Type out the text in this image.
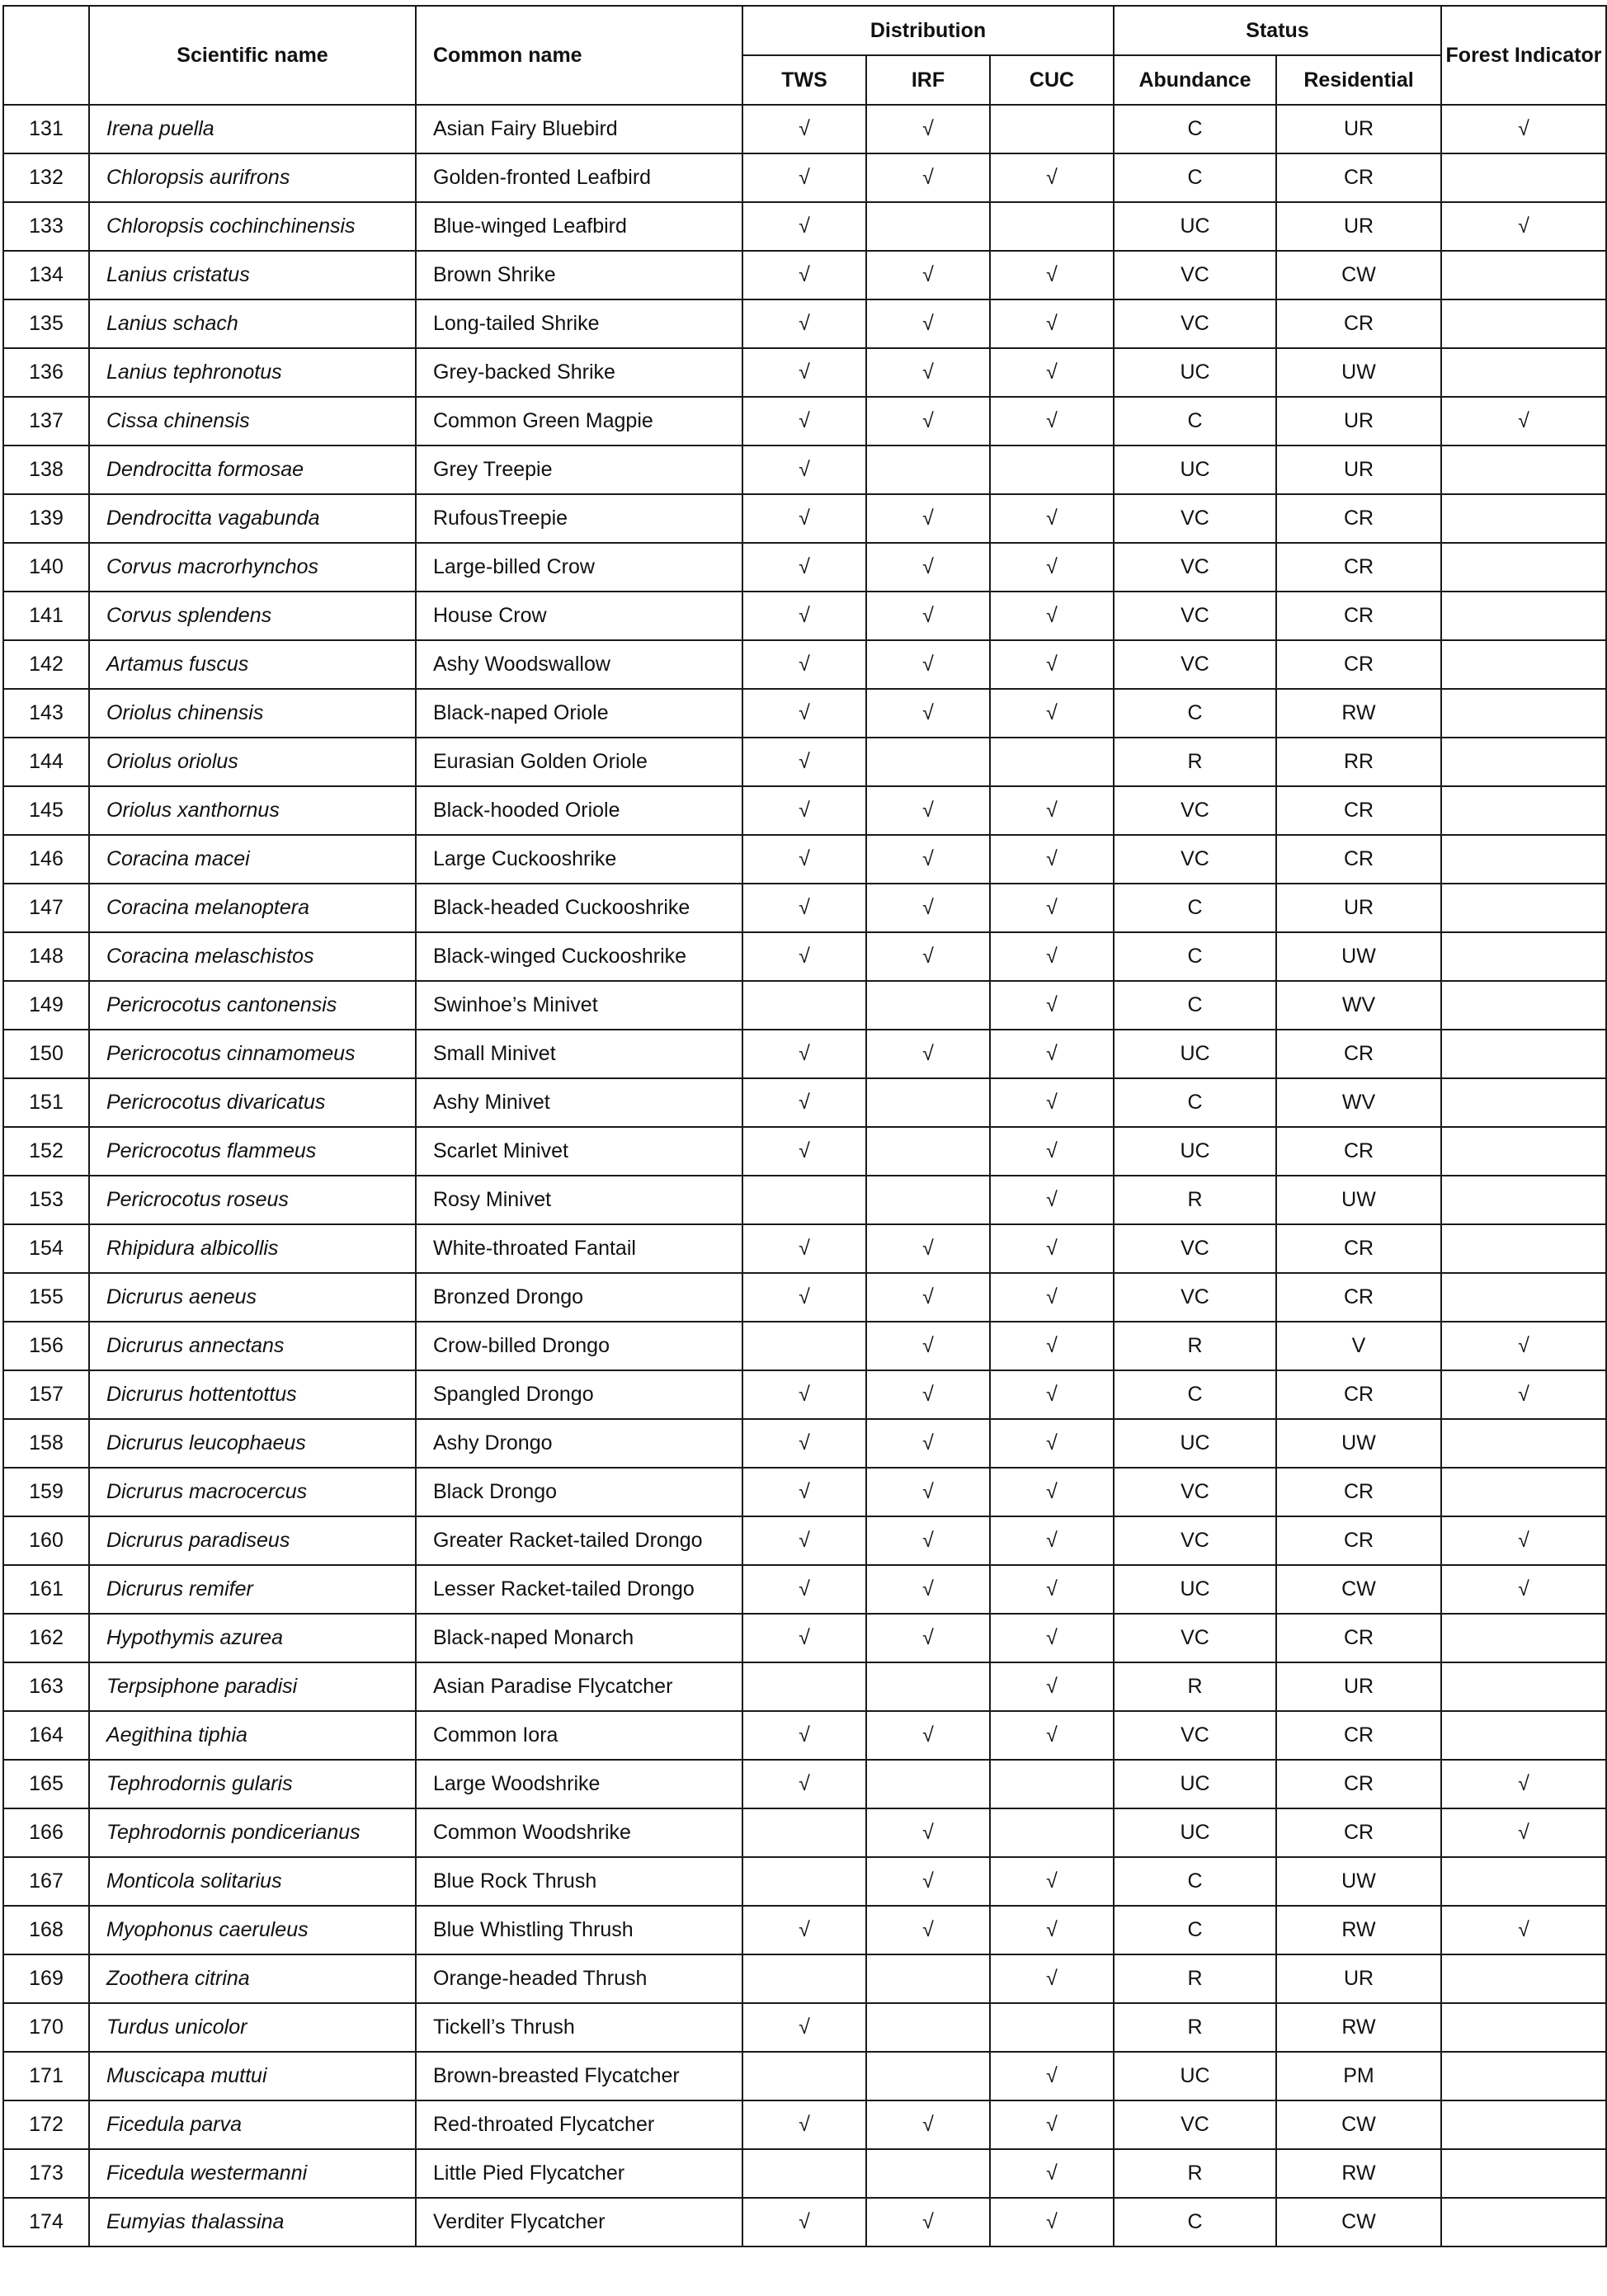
	Scientific name	Common name	Distribution			Status		Forest Indicator
			TWS	IRF	CUC	Abundance	Residential	
131	Irena puella	Asian Fairy Bluebird	√	√		C	UR	√
132	Chloropsis aurifrons	Golden-fronted Leafbird	√	√	√	C	CR	
133	Chloropsis cochinchinensis	Blue-winged Leafbird	√			UC	UR	√
134	Lanius cristatus	Brown Shrike	√	√	√	VC	CW	
135	Lanius schach	Long-tailed Shrike	√	√	√	VC	CR	
136	Lanius tephronotus	Grey-backed Shrike	√	√	√	UC	UW	
137	Cissa chinensis	Common Green Magpie	√	√	√	C	UR	√
138	Dendrocitta formosae	Grey Treepie	√			UC	UR	
139	Dendrocitta vagabunda	RufousTreepie	√	√	√	VC	CR	
140	Corvus macrorhynchos	Large-billed Crow	√	√	√	VC	CR	
141	Corvus splendens	House Crow	√	√	√	VC	CR	
142	Artamus fuscus	Ashy Woodswallow	√	√	√	VC	CR	
143	Oriolus chinensis	Black-naped Oriole	√	√	√	C	RW	
144	Oriolus oriolus	Eurasian Golden Oriole	√			R	RR	
145	Oriolus xanthornus	Black-hooded Oriole	√	√	√	VC	CR	
146	Coracina macei	Large Cuckooshrike	√	√	√	VC	CR	
147	Coracina melanoptera	Black-headed Cuckooshrike	√	√	√	C	UR	
148	Coracina melaschistos	Black-winged Cuckooshrike	√	√	√	C	UW	
149	Pericrocotus cantonensis	Swinhoe’s Minivet			√	C	WV	
150	Pericrocotus cinnamomeus	Small Minivet	√	√	√	UC	CR	
151	Pericrocotus divaricatus	Ashy Minivet	√		√	C	WV	
152	Pericrocotus flammeus	Scarlet Minivet	√		√	UC	CR	
153	Pericrocotus roseus	Rosy Minivet			√	R	UW	
154	Rhipidura albicollis	White-throated Fantail	√	√	√	VC	CR	
155	Dicrurus aeneus	Bronzed Drongo	√	√	√	VC	CR	
156	Dicrurus annectans	Crow-billed Drongo		√	√	R	V	√
157	Dicrurus hottentottus	Spangled Drongo	√	√	√	C	CR	√
158	Dicrurus leucophaeus	Ashy Drongo	√	√	√	UC	UW	
159	Dicrurus macrocercus	Black Drongo	√	√	√	VC	CR	
160	Dicrurus paradiseus	Greater Racket-tailed Drongo	√	√	√	VC	CR	√
161	Dicrurus remifer	Lesser Racket-tailed Drongo	√	√	√	UC	CW	√
162	Hypothymis azurea	Black-naped Monarch	√	√	√	VC	CR	
163	Terpsiphone paradisi	Asian Paradise Flycatcher			√	R	UR	
164	Aegithina tiphia	Common Iora	√	√	√	VC	CR	
165	Tephrodornis gularis	Large Woodshrike	√			UC	CR	√
166	Tephrodornis pondicerianus	Common Woodshrike		√		UC	CR	√
167	Monticola solitarius	Blue Rock Thrush		√	√	C	UW	
168	Myophonus caeruleus	Blue Whistling Thrush	√	√	√	C	RW	√
169	Zoothera citrina	Orange-headed Thrush			√	R	UR	
170	Turdus unicolor	Tickell’s Thrush	√			R	RW	
171	Muscicapa muttui	Brown-breasted Flycatcher			√	UC	PM	
172	Ficedula parva	Red-throated Flycatcher	√	√	√	VC	CW	
173	Ficedula westermanni	Little Pied Flycatcher			√	R	RW	
174	Eumyias thalassina	Verditer Flycatcher	√	√	√	C	CW	
